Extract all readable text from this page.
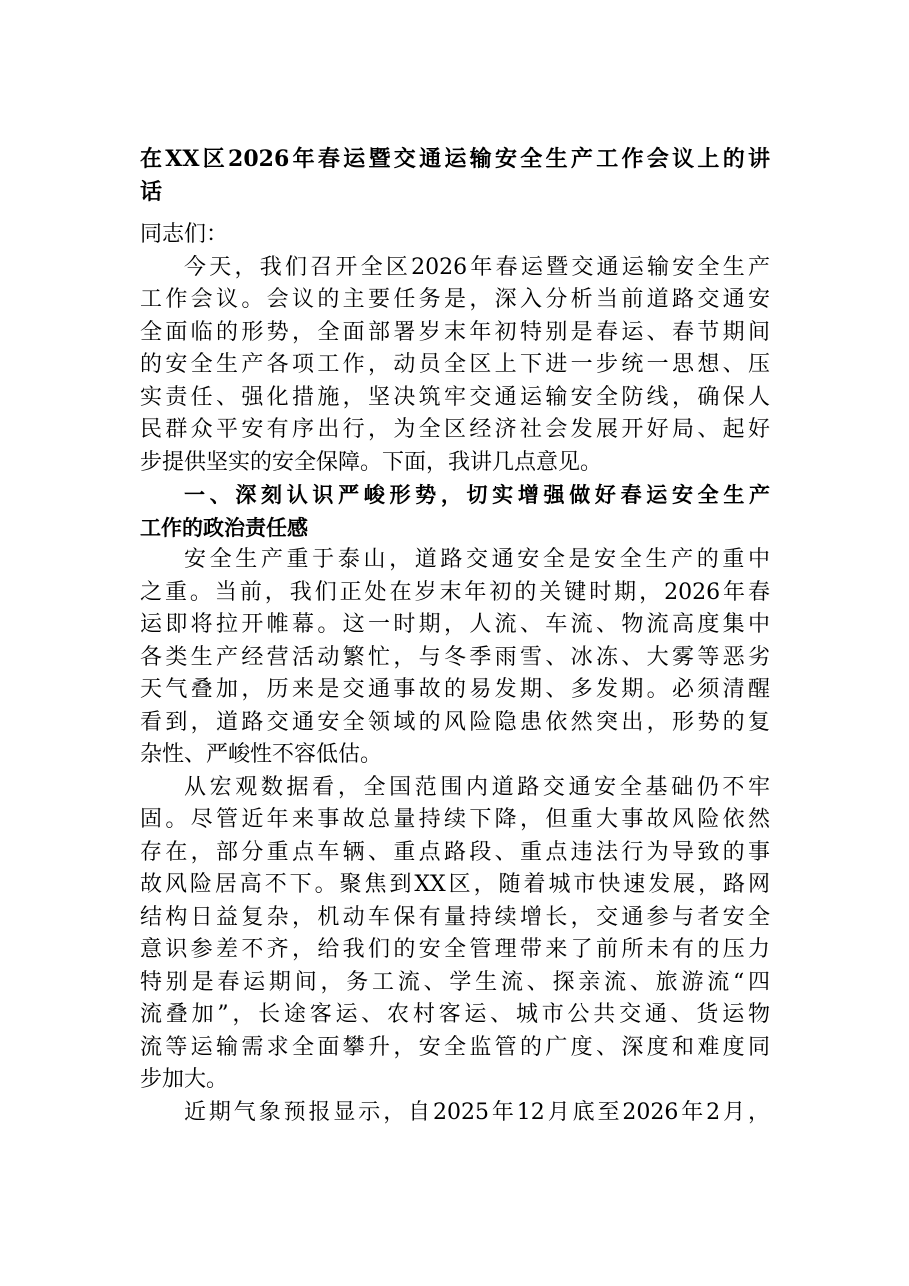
在XX区2026年春运暨交通运输安全生产工作会议上的讲
话
同志们：
今天，我们召开全区2026年春运暨交通运输安全生产
工作会议。会议的主要任务是，深入分析当前道路交通安
全面临的形势，全面部署岁末年初特别是春运、春节期间
的安全生产各项工作，动员全区上下进一步统一思想、压
实责任、强化措施，坚决筑牢交通运输安全防线，确保人
民群众平安有序出行，为全区经济社会发展开好局、起好
步提供坚实的安全保障。下面，我讲几点意见。
一、深刻认识严峻形势，切实增强做好春运安全生产
工作的政治责任感
安全生产重于泰山，道路交通安全是安全生产的重中
之重。当前，我们正处在岁末年初的关键时期，2026年春
运即将拉开帷幕。这一时期，人流、车流、物流高度集中
各类生产经营活动繁忙，与冬季雨雪、冰冻、大雾等恶劣
天气叠加，历来是交通事故的易发期、多发期。必须清醒
看到，道路交通安全领域的风险隐患依然突出，形势的复
杂性、严峻性不容低估。
从宏观数据看，全国范围内道路交通安全基础仍不牢
固。尽管近年来事故总量持续下降，但重大事故风险依然
存在，部分重点车辆、重点路段、重点违法行为导致的事
故风险居高不下。聚焦到XX区，随着城市快速发展，路网
结构日益复杂，机动车保有量持续增长，交通参与者安全
意识参差不齐，给我们的安全管理带来了前所未有的压力
特别是春运期间，务工流、学生流、探亲流、旅游流“四
流叠加”，长途客运、农村客运、城市公共交通、货运物
流等运输需求全面攀升，安全监管的广度、深度和难度同
步加大。
近期气象预报显示，自2025年12月底至2026年2月，
